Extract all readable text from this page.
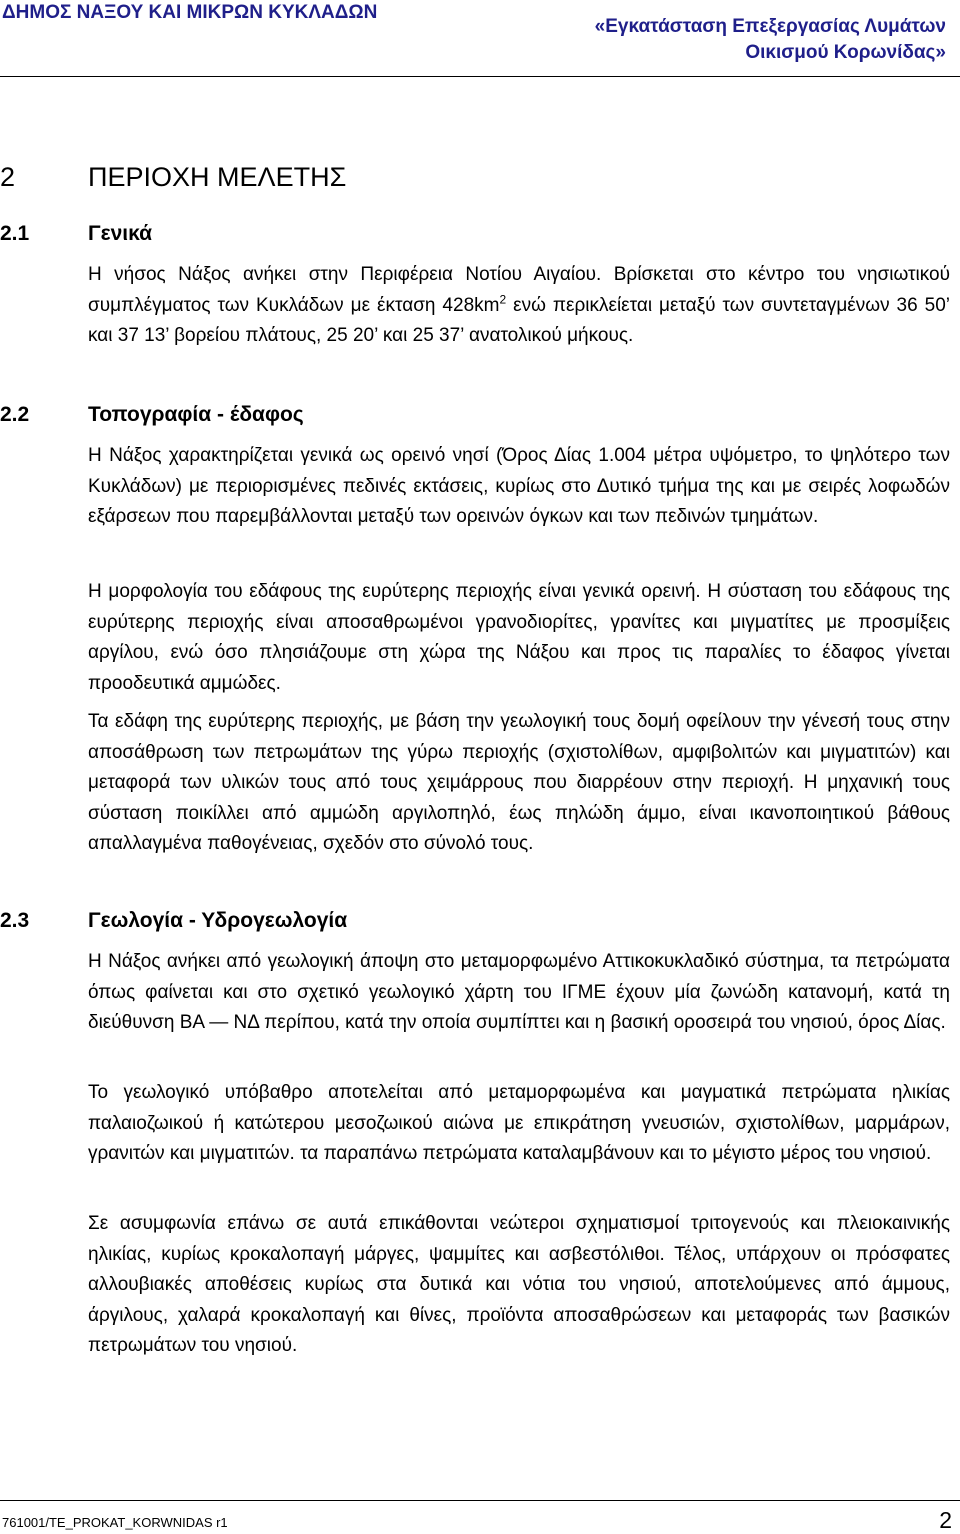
ΔΗΜΟΣ ΝΑΞΟΥ ΚΑΙ ΜΙΚΡΩΝ ΚΥΚΛΑΔΩΝ
«Εγκατάσταση Επεξεργασίας Λυμάτων
Οικισμού Κορωνίδας»
2	ΠΕΡΙΟΧΗ ΜΕΛΕΤΗΣ
2.1	Γενικά

Η νήσος Νάξος ανήκει στην Περιφέρεια Νοτίου Αιγαίου. Βρίσκεται στο κέντρο του νησιωτικού συμπλέγματος των Κυκλάδων με έκταση $428km^2$ ενώ περικλείεται μεταξύ των συντεταγμένων 36 50’ και 37 13’ βορείου πλάτους, 25 20’ και 25 37’ ανατολικού μήκους.

2.2	Τοπογραφία - έδαφος

Η Νάξος χαρακτηρίζεται γενικά ως ορεινό νησί (Όρος Δίας 1.004 μέτρα υψόμετρο, το ψηλότερο των Κυκλάδων) με περιορισμένες πεδινές εκτάσεις, κυρίως στο Δυτικό τμήμα της και με σειρές λοφωδών εξάρσεων που παρεμβάλλονται μεταξύ των ορεινών όγκων και των πεδινών τμημάτων.

Η μορφολογία του εδάφους της ευρύτερης περιοχής είναι γενικά ορεινή. Η σύσταση του εδάφους της ευρύτερης περιοχής είναι αποσαθρωμένοι γρανοδιορίτες, γρανίτες και μιγματίτες με προσμίξεις αργίλου, ενώ όσο πλησιάζουμε στη χώρα της Νάξου και προς τις παραλίες το έδαφος γίνεται προοδευτικά αμμώδες.

Τα εδάφη της ευρύτερης περιοχής, με βάση την γεωλογική τους δομή οφείλουν την γένεσή τους στην αποσάθρωση των πετρωμάτων της γύρω περιοχής (σχιστολίθων, αμφιβολιτών και μιγματιτών) και μεταφορά των υλικών τους από τους χειμάρρους που διαρρέουν στην περιοχή. Η μηχανική τους σύσταση ποικίλλει από αμμώδη αργιλοπηλό, έως πηλώδη άμμο, είναι ικανοποιητικού βάθους απαλλαγμένα παθογένειας, σχεδόν στο σύνολό τους.

2.3	Γεωλογία - Υδρογεωλογία

Η Νάξος ανήκει από γεωλογική άποψη στο μεταμορφωμένο Αττικοκυκλαδικό σύστημα, τα πετρώματα όπως φαίνεται και στο σχετικό γεωλογικό χάρτη του ΙΓΜΕ έχουν μία ζωνώδη κατανομή, κατά τη διεύθυνση ΒΑ — ΝΔ περίπου, κατά την οποία συμπίπτει και η βασική οροσειρά του νησιού, όρος Δίας.

Το γεωλογικό υπόβαθρο αποτελείται από μεταμορφωμένα και μαγματικά πετρώματα ηλικίας παλαιοζωικού ή κατώτερου μεσοζωικού αιώνα με επικράτηση γνευσιών, σχιστολίθων, μαρμάρων, γρανιτών και μιγματιτών. τα παραπάνω πετρώματα καταλαμβάνουν και το μέγιστο μέρος του νησιού.

Σε ασυμφωνία επάνω σε αυτά επικάθονται νεώτεροι σχηματισμοί τριτογενούς και πλειοκαινικής ηλικίας, κυρίως κροκαλοπαγή μάργες, ψαμμίτες και ασβεστόλιθοι. Τέλος, υπάρχουν οι πρόσφατες αλλουβιακές αποθέσεις κυρίως στα δυτικά και νότια του νησιού, αποτελούμενες από άμμους, άργιλους, χαλαρά κροκαλοπαγή και θίνες, προϊόντα αποσαθρώσεων και μεταφοράς των βασικών πετρωμάτων του νησιού.

761001/TE_PROKAT_KORWNIDAS r1	2
